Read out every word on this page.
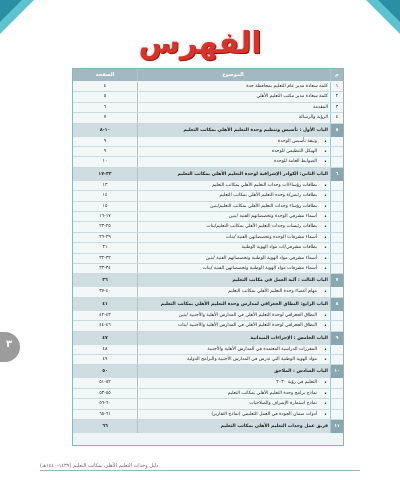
الفهرس
٣
م
الموضوع
الصفحة
١
كلمة سعادة مدير عام التعليم بمحافظة جدة
٤
٢
كلمة سعادة مدير مكتب التعليم الأهلي
٥
٣
المقدمة
٦
٤
الرؤية والرسالة
٧
٥
الباب الأول : تأسيس وتنظيم وحدة التعليم الأهلي بمكاتب التعليم
١٠-٨
•
وثيقة تأسيس الوحدة
٩
•
الهيكل التنظيمي للوحدة
٩
•
الضوابط العامة للوحدة
١٠
٦
الباب الثاني: الكوادر الإشرافية لوحدة التعليم الأهلي بمكاتب التعليم
٣٣-١٧
•
بطاقات رؤساء/ات وحدات التعليم الأهلي بمكاتب التعليم
١٣
•
بطاقات رئيس/ة وحدة التعليم الأهلي بمكاتب التعليم
١٤
•
بطاقات رؤساء وحدات التعليم الأهلي بمكاتب التعليم/بنين
١٥
•
أسماء مشرفي الوحدة وتخصصاتهم الفنية /بنين
١٧-١٦
•
بطاقات رئيسات وحدات التعليم الأهلي بمكاتب التعليم/بنات
٢٥-٢٣
•
أسماء مشرفات الوحدة وتخصصاتهن الفنية /بنات
٢٩-٢٦
•
بطاقات مشرفي/ات مواد الهوية الوطنية
٣١
•
أسماء مشرفي مواد الهوية الوطنية وتخصصاتهم الفنية /بنين
٣٢-٣٢
•
أسماء مشرفات مواد الهوية الوطنية وتخصصاتهن الفنية /بنات
٣٤-٣٣
٧
الباب الثالث : آلية العمل في مكاتب التعليم
٣٦
•
مهام أعضاء وحدة التعليم الأهلي بمكاتب التعليم
٤٠-٣٧
٨
الباب الرابع: النطاق الجغرافي لمدارس وحدة التعليم الأهلي بمكاتب التعليم
٤١
•
النطاق الجغرافي لوحدة التعليم الأهلي في المدارس الأهلية والأجنبية /بنين
٤٣-٤٢
•
النطاق الجغرافي لوحدة التعليم الأهلي في المدارس الأهلية والأجنبية /بنات
٤٦-٤٤
٩
الباب الخامس : الإجراءات الميدانية
٤٧
•
المقررات الدراسية المعتمدة في المدارس الأهلية والأجنبية
٤٨
•
مواد الهوية الوطنية التي تدرس في المدارس الأجنبية والبرامج الدولية
٤٩
١٠
الباب السادس : الملاحق
٥٠
•
التعليم في رؤية ٢٠٣٠
٥٢-٥١
•
نماذج برامج وحدة التعليم الأهلي بمكاتب التعليم
٥٥-٥٣
•
نماذج استمارة الإشراف والصلاحيات
٦٠-٥٦
•
أدوات ضمان الجودة في العمل التعليمي (نماذج التقارير)
٦١-٦٥
١١
فريق عمل وحدات التعليم الأهلي بمكاتب التعليم
٦٦
دليل وحدات التعليم الأهلي بمكاتب التعليم (١٤٣٩-١٤٤٠هـ)
